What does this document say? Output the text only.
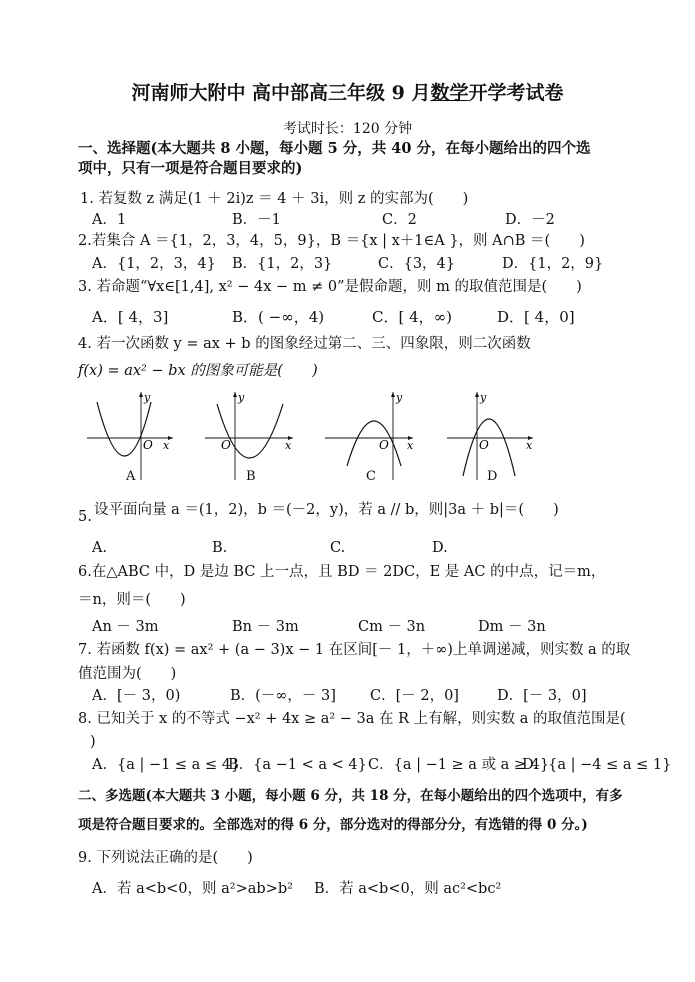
河南师大附中 高中部高三年级 9 月数学开学考试卷
考试时长：120 分钟
一、选择题(本大题共 8 小题，每小题 5 分，共 40 分，在每小题给出的四个选
项中，只有一项是符合题目要求的)
1. 若复数 z 满足(1 ＋ 2i)z ＝ 4 ＋ 3i，则 z 的实部为(　　)
A．1	B．－1	C．2	D．－2
2.若集合 A ＝{1，2，3，4，5，9}，B ＝{x | x＋1∈A }，则 A∩B ＝(　　)
A．{1，2，3，4} B．{1，2，3}	C．{3，4}	D．{1，2，9}
3. 若命题“∀x∈[1,4], x² − 4x − m ≠ 0”是假命题，则 m 的取值范围是(　　)
A．[ 4，3]	B．( −∞，4)	C．[ 4，∞)	D．[ 4，0]
4. 若一次函数 y = ax + b 的图象经过第二、三、四象限，则二次函数
f(x) = ax² − bx 的图象可能是(　　)
y
x
O
y
x
O
y
x
O
y
x
O
A	B	C	D
5. 设平面向量 a ＝(1，2)，b ＝(－2，y)，若 a // b，则|3a ＋ b|＝(　　)
A.	B.	C.	D.
6.在△ABC 中，D 是边 BC 上一点，且 BD ＝ 2DC，E 是 AC 的中点，记＝m，
＝n，则＝(　　)
An － 3m	Bn － 3m	Cm － 3n	Dm － 3n
7. 若函数 f(x) = ax² + (a − 3)x − 1 在区间[－ 1，＋∞)上单调递减，则实数 a 的取
值范围为(　　)
A．[－ 3，0)	B．(－∞，－ 3] C．[－ 2，0]	D．[－ 3，0]
8. 已知关于 x 的不等式 −x² + 4x ≥ a² − 3a 在 R 上有解，则实数 a 的取值范围是(
)
A．{a | −1 ≤ a ≤ 4}
B．{a −1 < a < 4} C．{a | −1 ≥ a 或 a ≥ 4}
D．{a | −4 ≤ a ≤ 1}
二、多选题(本大题共 3 小题，每小题 6 分，共 18 分，在每小题给出的四个选项中，有多
项是符合题目要求的。全部选对的得 6 分，部分选对的得部分分，有选错的得 0 分。)
9. 下列说法正确的是(　　)
A．若 a<b<0，则 a²>ab>b² B．若 a<b<0，则 ac²<bc²
